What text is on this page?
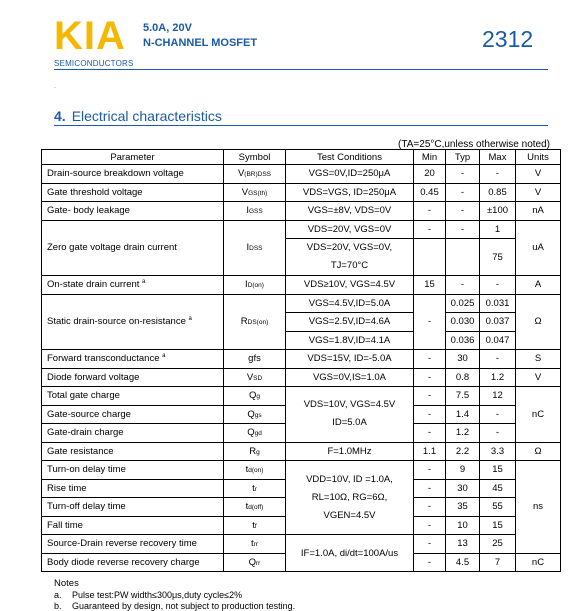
KIA
SEMICONDUCTORS
5.0A, 20V
N-CHANNEL MOSFET	2312
`
4. Electrical characteristics
(TA=25°C,unless otherwise noted)
Parameter	Symbol	Test Conditions	Min	Typ	Max	Units
Drain-source breakdown voltage	V(BR)DSS	VGS=0V,ID=250μA	20	-	-	V
Gate threshold voltage	VGS(th)	VDS=VGS, ID=250μA	0.45	-	0.85	V
Gate- body leakage	IGSS	VGS=±8V, VDS=0V	-	-	±100	nA
Zero gate voltage drain current	IDSS	VDS=20V, VGS=0V	-	-	1	uA
		VDS=20V, VGS=0V,
TJ=70°C			75	
On-state drain current $^a$	ID(on)	VDS≥10V, VGS=4.5V	15	-	-	A
Static drain-source on-resistance $^a$	RDS(on)	VGS=4.5V,ID=5.0A	-	0.025	0.031	Ω
		VGS=2.5V,ID=4.6A		0.030	0.037	
		VGS=1.8V,ID=4.1A		0.036	0.047	
Forward transconductance $^a$	gfs	VDS=15V, ID=-5.0A	-	30	-	S
Diode forward voltage	VSD	VGS=0V,IS=1.0A	-	0.8	1.2	V
Total gate charge	Qg	VDS=10V, VGS=4.5V
ID=5.0A	-	7.5	12	nC
Gate-source charge	Qgs		-	1.4	-	
Gate-drain charge	Qgd		-	1.2	-	
Gate resistance	Rg	F=1.0MHz	1.1	2.2	3.3	Ω
Turn-on delay time	td(on)	VDD=10V, ID =1.0A,
RL=10Ω, RG=6Ω,
VGEN=4.5V	-	9	15	ns
Rise time	tr		-	30	45	
Turn-off delay time	td(off)		-	35	55	
Fall time	tf		-	10	15	
Source-Drain reverse recovery time	trr	IF=1.0A, di/dt=100A/us	-	13	25	
Body diode reverse recovery charge	Qrr		-	4.5	7	nC
Notes
a. Pulse test:PW width≤300μs,duty cycle≤2%
b. Guaranteed by design, not subject to production testing.
